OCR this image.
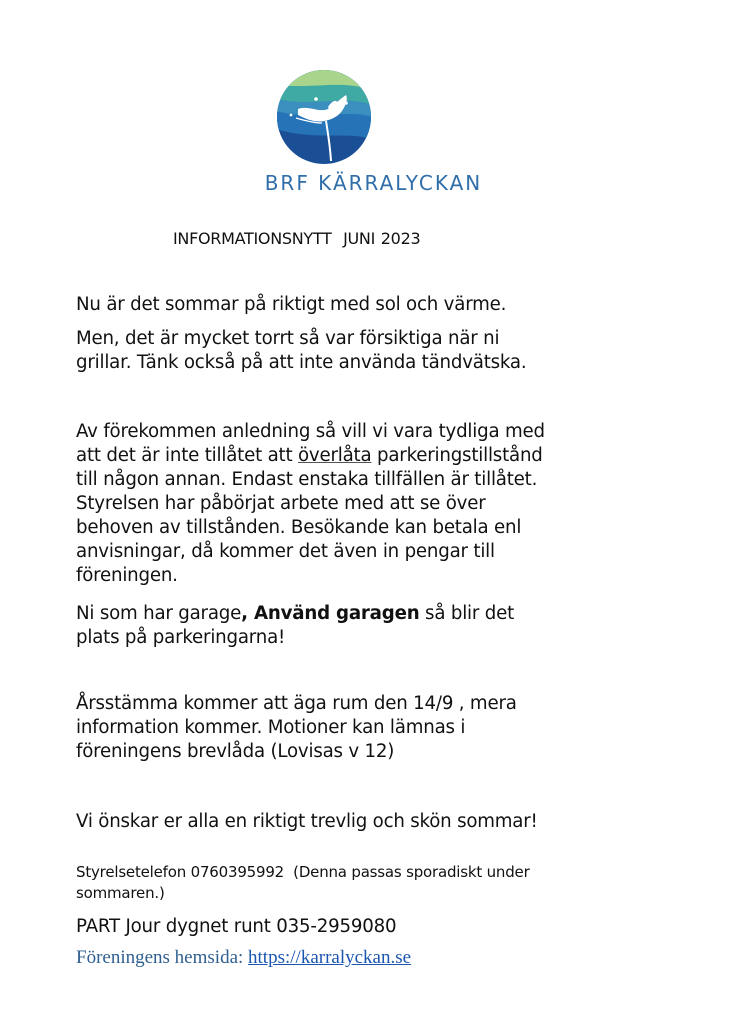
BRF KÄRRALYCKAN
INFORMATIONSNYTT  JUNI 2023
Nu är det sommar på riktigt med sol och värme.
Men, det är mycket torrt så var försiktiga när ni
grillar. Tänk också på att inte använda tändvätska.
Av förekommen anledning så vill vi vara tydliga med
att det är inte tillåtet att överlåta parkeringstillstånd
till någon annan. Endast enstaka tillfällen är tillåtet.
Styrelsen har påbörjat arbete med att se över
behoven av tillstånden. Besökande kan betala enl
anvisningar, då kommer det även in pengar till
föreningen.
Ni som har garage, Använd garagen så blir det
plats på parkeringarna!
Årsstämma kommer att äga rum den 14/9 , mera
information kommer. Motioner kan lämnas i
föreningens brevlåda (Lovisas v 12)
Vi önskar er alla en riktigt trevlig och skön sommar!
Styrelsetelefon 0760395992  (Denna passas sporadiskt under
sommaren.)
PART Jour dygnet runt 035-2959080
Föreningens hemsida: https://karralyckan.se
